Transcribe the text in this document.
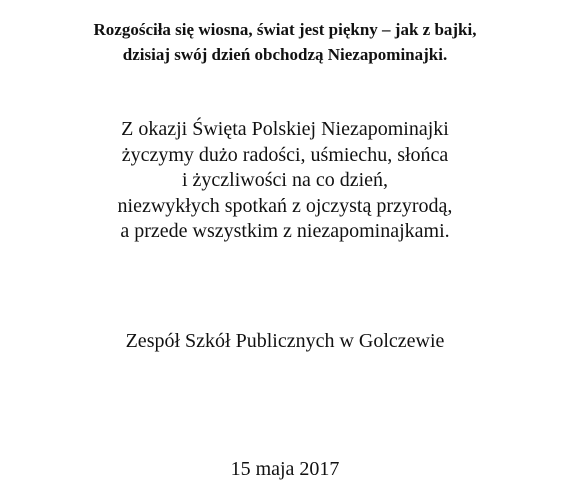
Rozgościła się wiosna, świat jest piękny – jak z bajki,
dzisiaj swój dzień obchodzą Niezapominajki.
Z okazji Święta Polskiej Niezapominajki
życzymy dużo radości, uśmiechu, słońca
i życzliwości na co dzień,
niezwykłych spotkań z ojczystą przyrodą,
a przede wszystkim z niezapominajkami.
Zespół Szkół Publicznych w Golczewie
15 maja 2017
